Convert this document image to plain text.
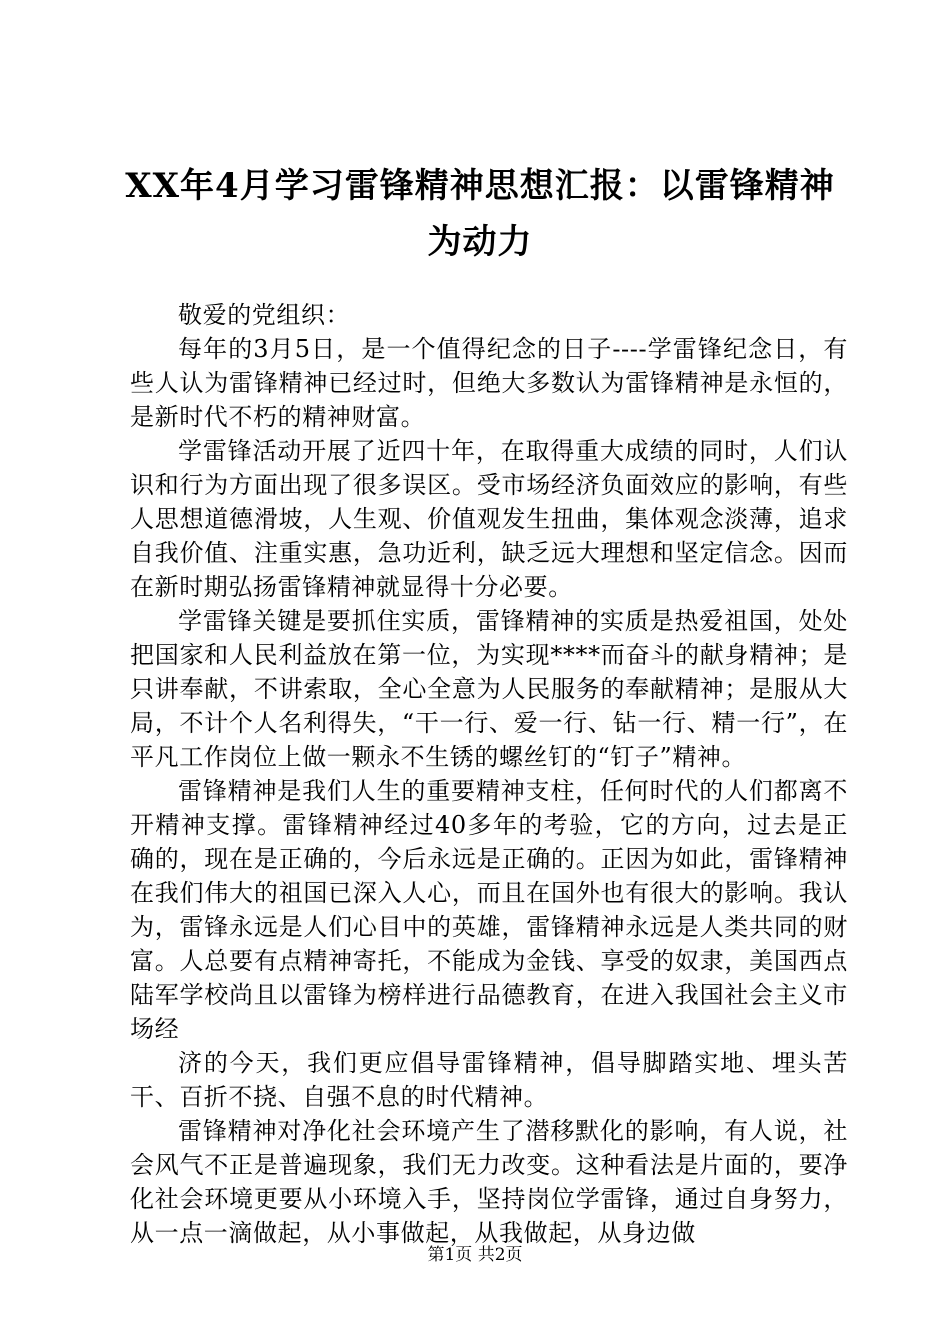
XX年4月学习雷锋精神思想汇报：以雷锋精神为动力

敬爱的党组织：

每年的3月5日，是一个值得纪念的日子----学雷锋纪念日，有些人认为雷锋精神已经过时，但绝大多数认为雷锋精神是永恒的，是新时代不朽的精神财富。

学雷锋活动开展了近四十年，在取得重大成绩的同时，人们认识和行为方面出现了很多误区。受市场经济负面效应的影响，有些人思想道德滑坡，人生观、价值观发生扭曲，集体观念淡薄，追求自我价值、注重实惠，急功近利，缺乏远大理想和坚定信念。因而在新时期弘扬雷锋精神就显得十分必要。

学雷锋关键是要抓住实质，雷锋精神的实质是热爱祖国，处处把国家和人民利益放在第一位，为实现****而奋斗的献身精神；是只讲奉献，不讲索取，全心全意为人民服务的奉献精神；是服从大局，不计个人名利得失，“干一行、爱一行、钻一行、精一行”，在平凡工作岗位上做一颗永不生锈的螺丝钉的“钉子”精神。

雷锋精神是我们人生的重要精神支柱，任何时代的人们都离不开精神支撑。雷锋精神经过40多年的考验，它的方向，过去是正确的，现在是正确的，今后永远是正确的。正因为如此，雷锋精神在我们伟大的祖国已深入人心，而且在国外也有很大的影响。我认为，雷锋永远是人们心目中的英雄，雷锋精神永远是人类共同的财富。人总要有点精神寄托，不能成为金钱、享受的奴隶，美国西点陆军学校尚且以雷锋为榜样进行品德教育，在进入我国社会主义市场经

济的今天，我们更应倡导雷锋精神，倡导脚踏实地、埋头苦干、百折不挠、自强不息的时代精神。

雷锋精神对净化社会环境产生了潜移默化的影响，有人说，社会风气不正是普遍现象，我们无力改变。这种看法是片面的，要净化社会环境更要从小环境入手，坚持岗位学雷锋，通过自身努力，从一点一滴做起，从小事做起，从我做起，从身边做

第1页 共2页
